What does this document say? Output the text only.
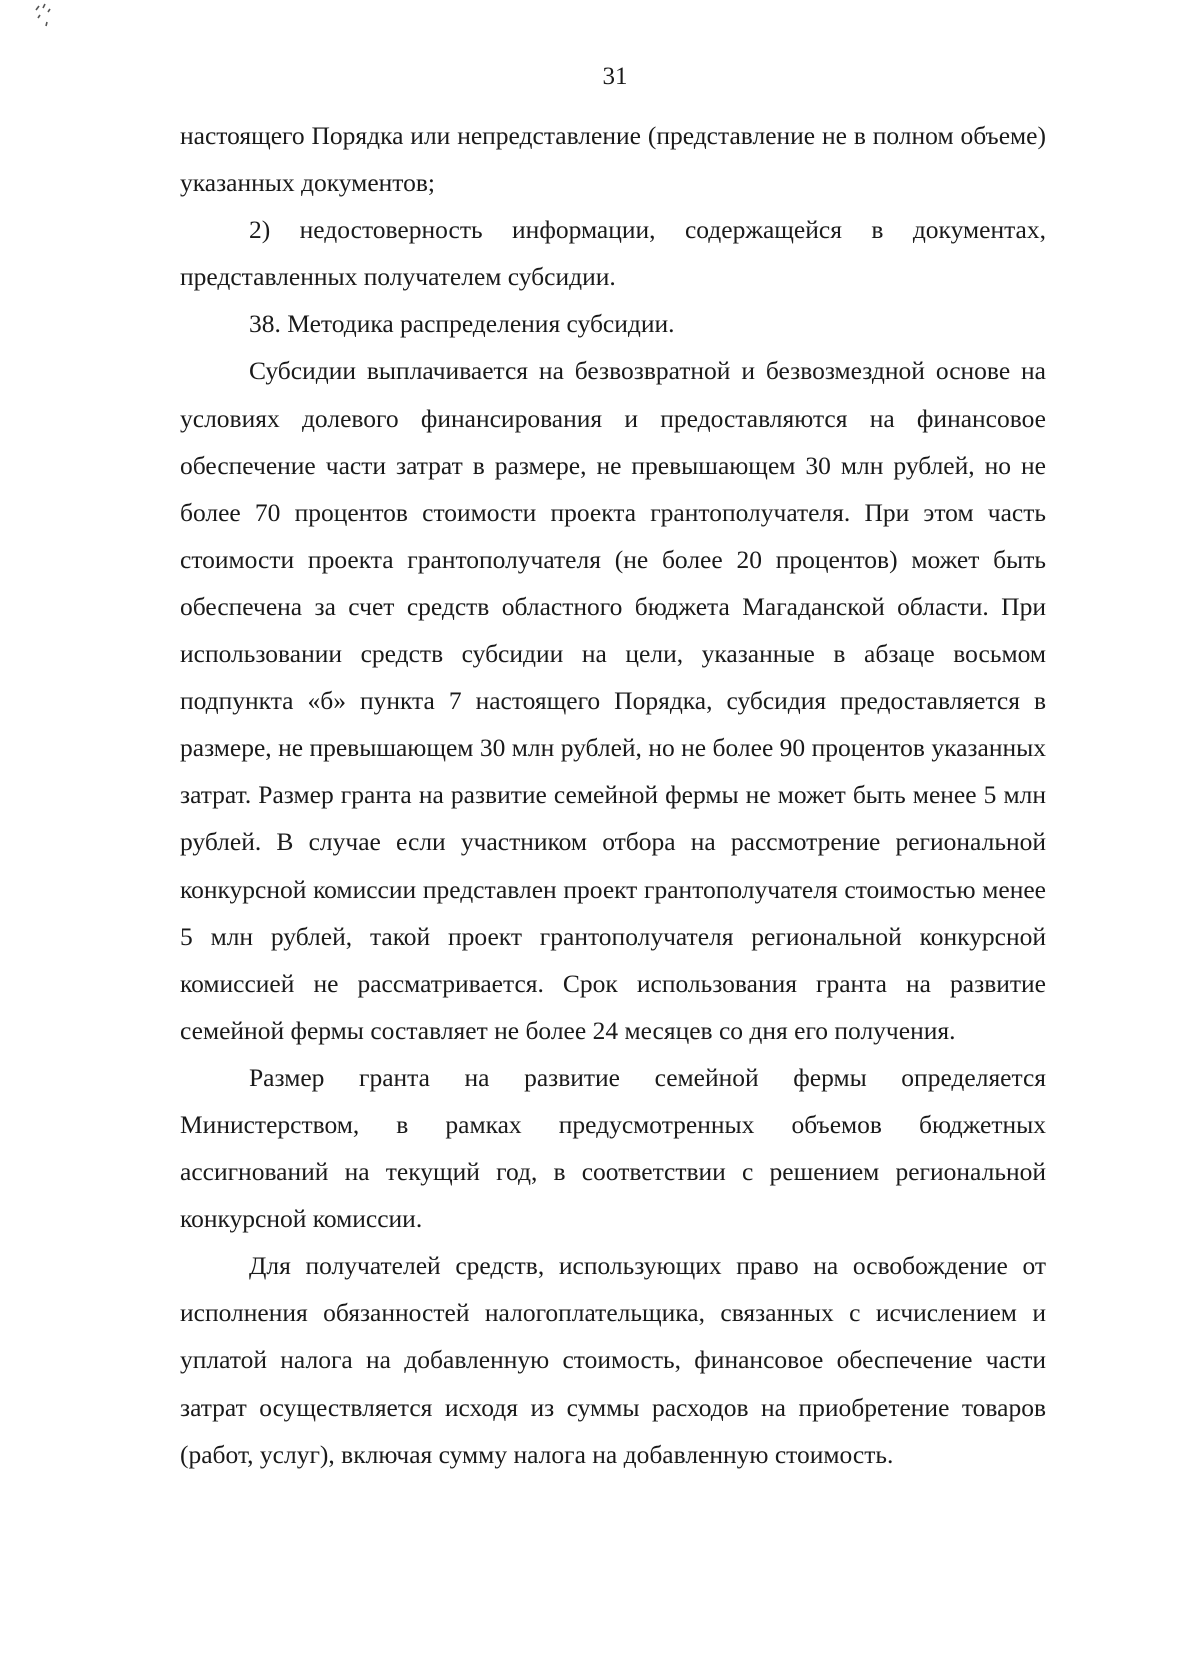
31

настоящего Порядка или непредставление (представление не в полном объеме) указанных документов;

2) недостоверность информации, содержащейся в документах, представленных получателем субсидии.

38. Методика распределения субсидии.

Субсидии выплачивается на безвозвратной и безвозмездной основе на условиях долевого финансирования и предоставляются на финансовое обеспечение части затрат в размере, не превышающем 30 млн рублей, но не более 70 процентов стоимости проекта грантополучателя. При этом часть стоимости проекта грантополучателя (не более 20 процентов) может быть обеспечена за счет средств областного бюджета Магаданской области. При использовании средств субсидии на цели, указанные в абзаце восьмом подпункта «б» пункта 7 настоящего Порядка, субсидия предоставляется в размере, не превышающем 30 млн рублей, но не более 90 процентов указанных затрат. Размер гранта на развитие семейной фермы не может быть менее 5 млн рублей. В случае если участником отбора на рассмотрение региональной конкурсной комиссии представлен проект грантополучателя стоимостью менее 5 млн рублей, такой проект грантополучателя региональной конкурсной комиссией не рассматривается. Срок использования гранта на развитие семейной фермы составляет не более 24 месяцев со дня его получения.

Размер гранта на развитие семейной фермы определяется Министерством, в рамках предусмотренных объемов бюджетных ассигнований на текущий год, в соответствии с решением региональной конкурсной комиссии.

Для получателей средств, использующих право на освобождение от исполнения обязанностей налогоплательщика, связанных с исчислением и уплатой налога на добавленную стоимость, финансовое обеспечение части затрат осуществляется исходя из суммы расходов на приобретение товаров (работ, услуг), включая сумму налога на добавленную стоимость.
